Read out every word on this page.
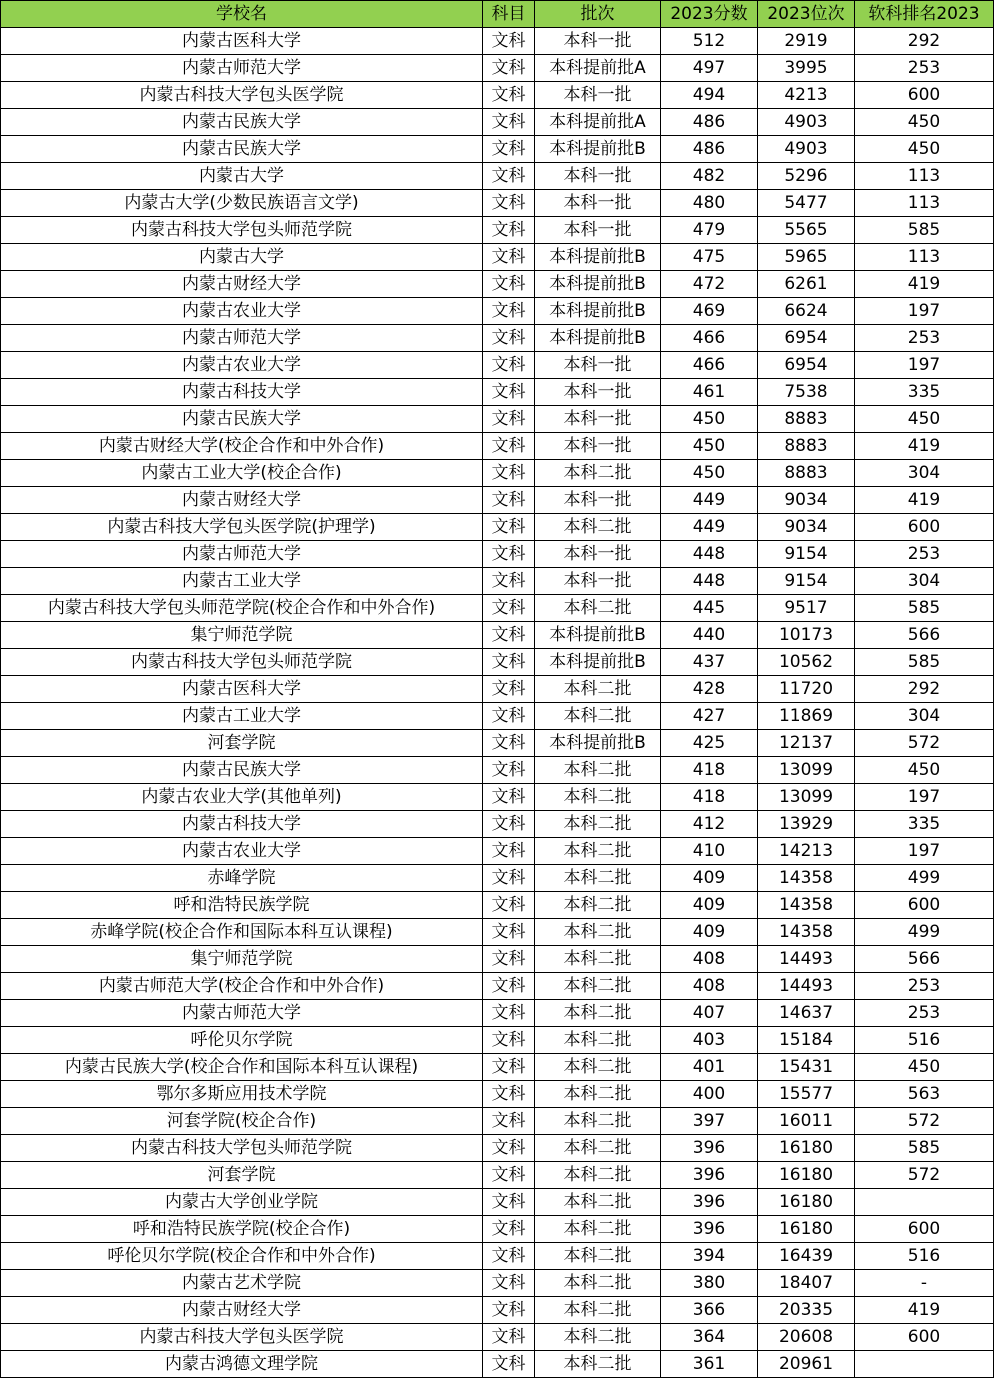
学校名	科目	批次	2023分数	2023位次	软科排名2023
内蒙古医科大学	文科	本科一批	512	2919	292
内蒙古师范大学	文科	本科提前批A	497	3995	253
内蒙古科技大学包头医学院	文科	本科一批	494	4213	600
内蒙古民族大学	文科	本科提前批A	486	4903	450
内蒙古民族大学	文科	本科提前批B	486	4903	450
内蒙古大学	文科	本科一批	482	5296	113
内蒙古大学(少数民族语言文学)	文科	本科一批	480	5477	113
内蒙古科技大学包头师范学院	文科	本科一批	479	5565	585
内蒙古大学	文科	本科提前批B	475	5965	113
内蒙古财经大学	文科	本科提前批B	472	6261	419
内蒙古农业大学	文科	本科提前批B	469	6624	197
内蒙古师范大学	文科	本科提前批B	466	6954	253
内蒙古农业大学	文科	本科一批	466	6954	197
内蒙古科技大学	文科	本科一批	461	7538	335
内蒙古民族大学	文科	本科一批	450	8883	450
内蒙古财经大学(校企合作和中外合作)	文科	本科一批	450	8883	419
内蒙古工业大学(校企合作)	文科	本科二批	450	8883	304
内蒙古财经大学	文科	本科一批	449	9034	419
内蒙古科技大学包头医学院(护理学)	文科	本科二批	449	9034	600
内蒙古师范大学	文科	本科一批	448	9154	253
内蒙古工业大学	文科	本科一批	448	9154	304
内蒙古科技大学包头师范学院(校企合作和中外合作)	文科	本科二批	445	9517	585
集宁师范学院	文科	本科提前批B	440	10173	566
内蒙古科技大学包头师范学院	文科	本科提前批B	437	10562	585
内蒙古医科大学	文科	本科二批	428	11720	292
内蒙古工业大学	文科	本科二批	427	11869	304
河套学院	文科	本科提前批B	425	12137	572
内蒙古民族大学	文科	本科二批	418	13099	450
内蒙古农业大学(其他单列)	文科	本科二批	418	13099	197
内蒙古科技大学	文科	本科二批	412	13929	335
内蒙古农业大学	文科	本科二批	410	14213	197
赤峰学院	文科	本科二批	409	14358	499
呼和浩特民族学院	文科	本科二批	409	14358	600
赤峰学院(校企合作和国际本科互认课程)	文科	本科二批	409	14358	499
集宁师范学院	文科	本科二批	408	14493	566
内蒙古师范大学(校企合作和中外合作)	文科	本科二批	408	14493	253
内蒙古师范大学	文科	本科二批	407	14637	253
呼伦贝尔学院	文科	本科二批	403	15184	516
内蒙古民族大学(校企合作和国际本科互认课程)	文科	本科二批	401	15431	450
鄂尔多斯应用技术学院	文科	本科二批	400	15577	563
河套学院(校企合作)	文科	本科二批	397	16011	572
内蒙古科技大学包头师范学院	文科	本科二批	396	16180	585
河套学院	文科	本科二批	396	16180	572
内蒙古大学创业学院	文科	本科二批	396	16180	
呼和浩特民族学院(校企合作)	文科	本科二批	396	16180	600
呼伦贝尔学院(校企合作和中外合作)	文科	本科二批	394	16439	516
内蒙古艺术学院	文科	本科二批	380	18407	-
内蒙古财经大学	文科	本科二批	366	20335	419
内蒙古科技大学包头医学院	文科	本科二批	364	20608	600
内蒙古鸿德文理学院	文科	本科二批	361	20961	
